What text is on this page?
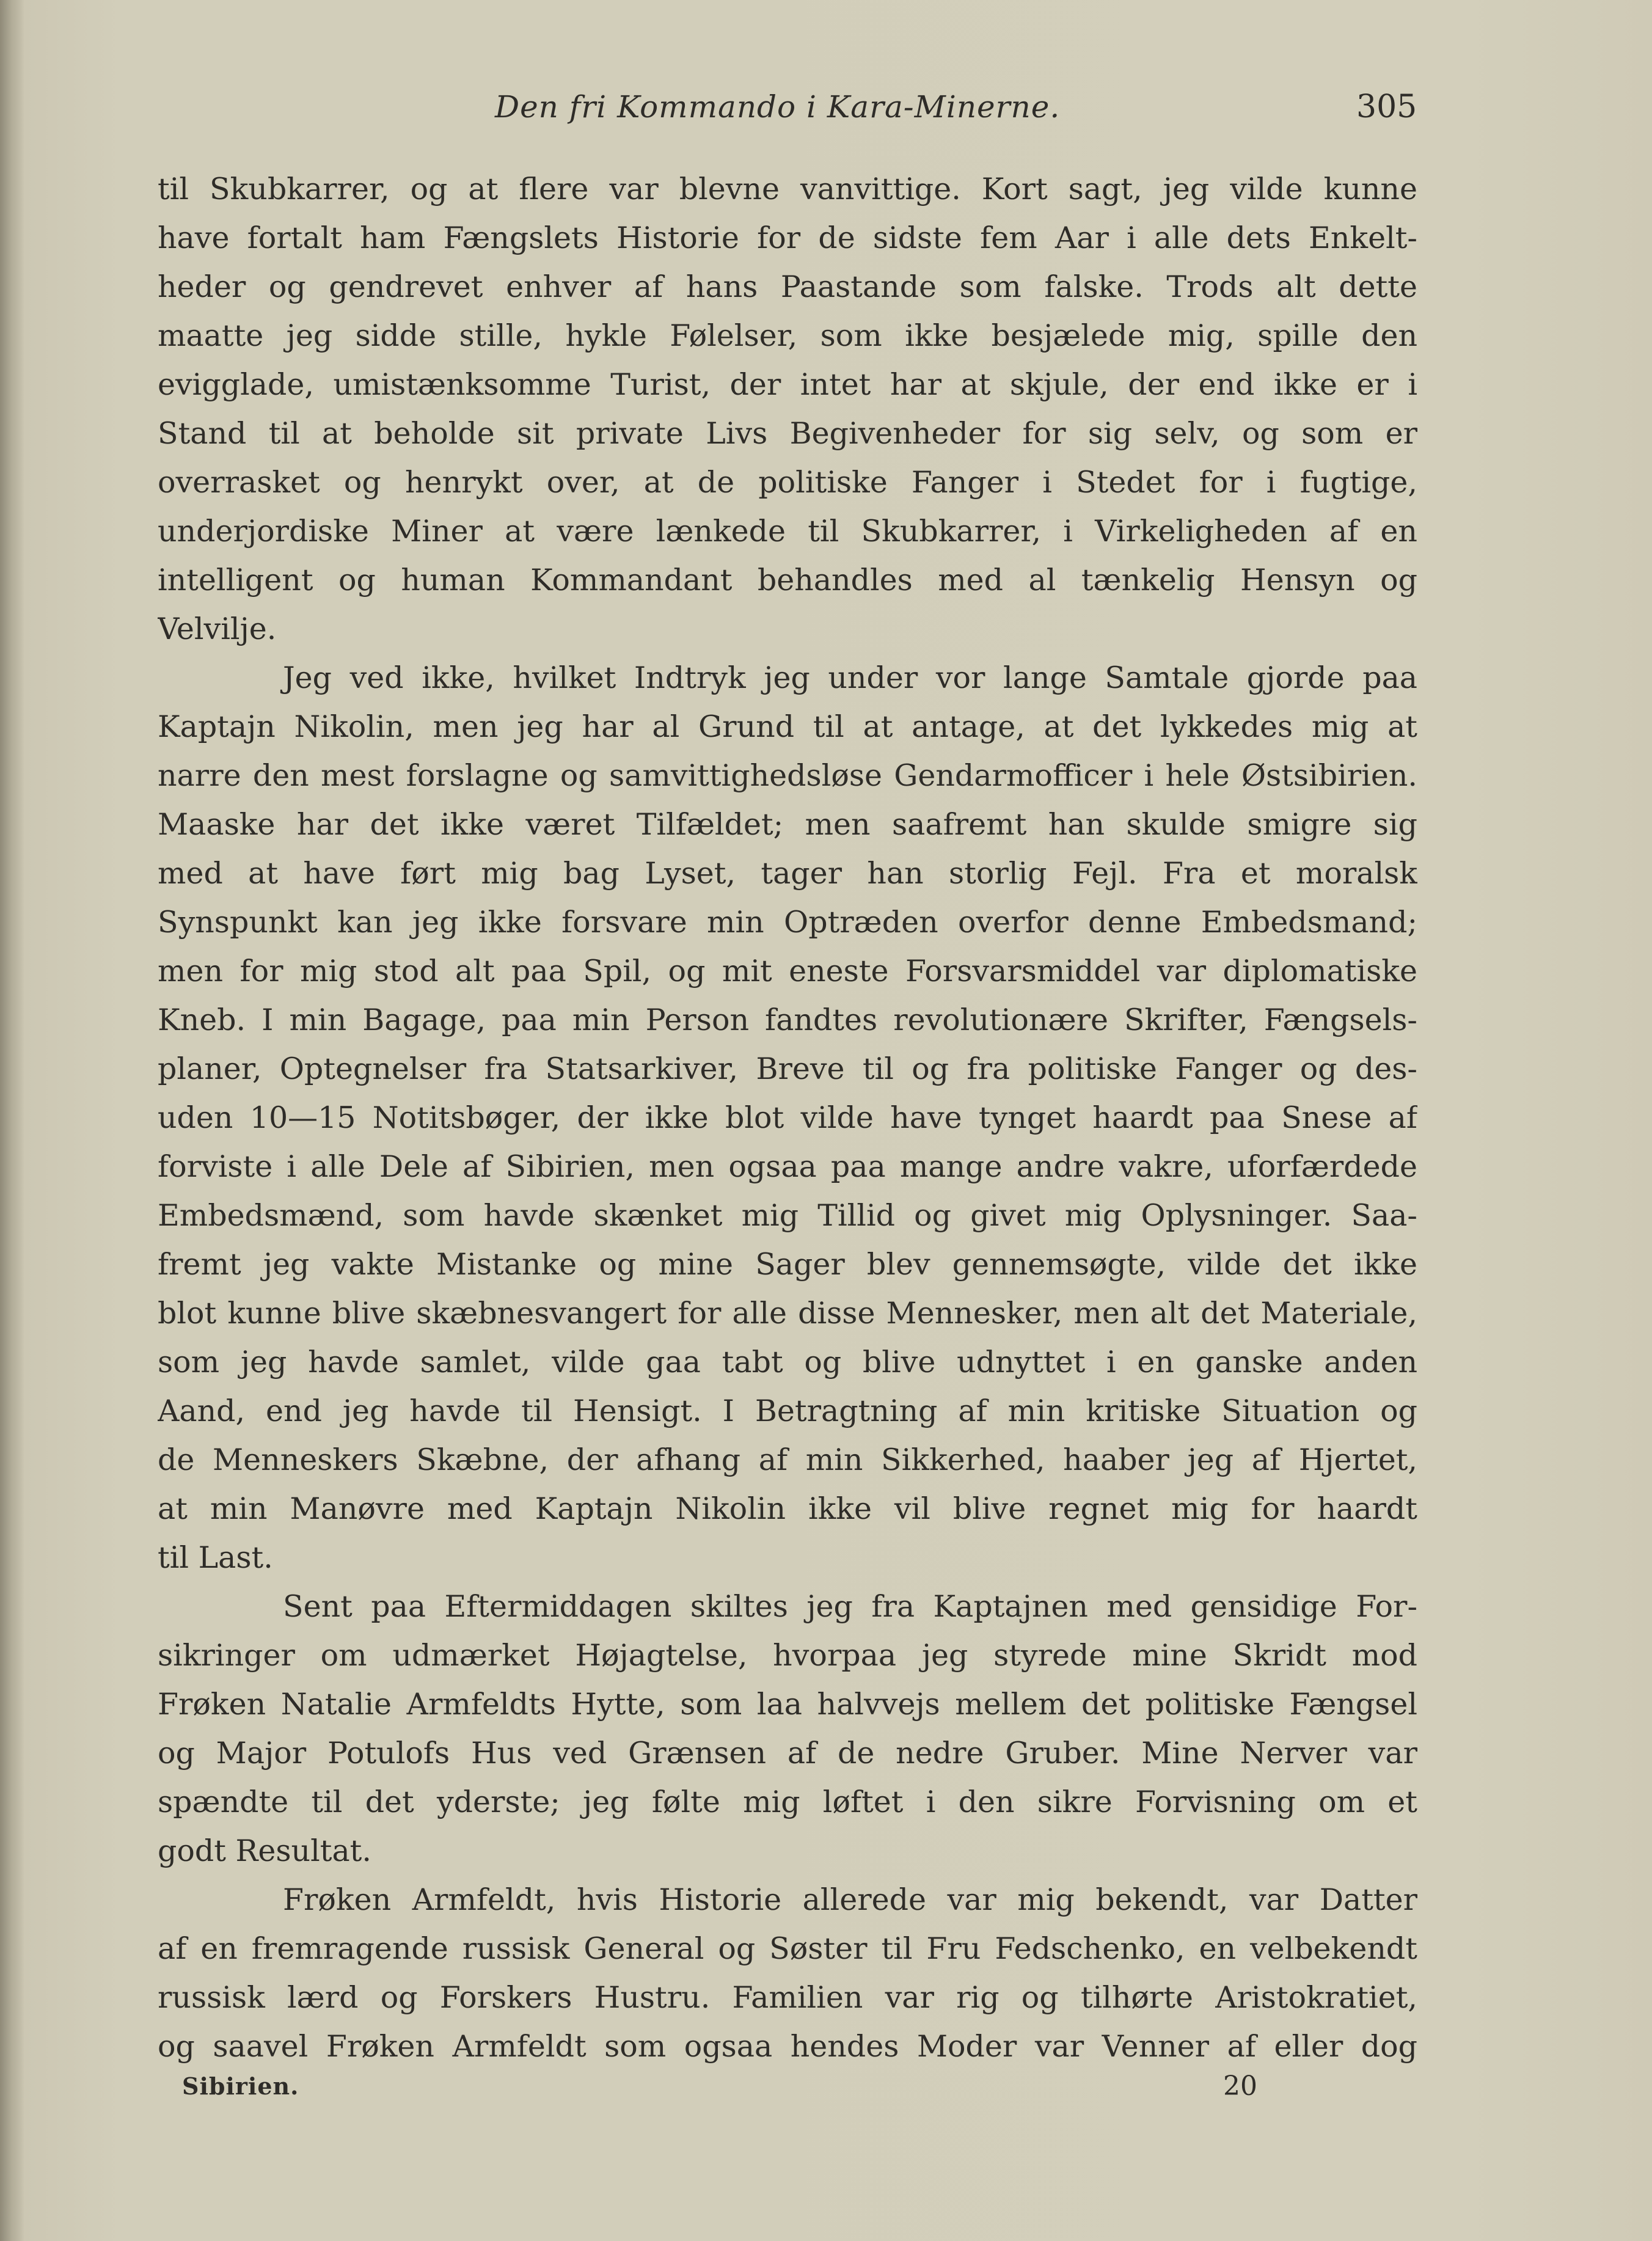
Den fri Kommando i Kara-Minerne.	305
til Skubkarrer, og at flere var blevne vanvittige. Kort sagt, jeg vilde kunne
have fortalt ham Fængslets Historie for de sidste fem Aar i alle dets Enkelt-
heder og gendrevet enhver af hans Paastande som falske. Trods alt dette
maatte jeg sidde stille, hykle Følelser, som ikke besjælede mig, spille den
evigglade, umistænksomme Turist, der intet har at skjule, der end ikke er i
Stand til at beholde sit private Livs Begivenheder for sig selv, og som er
overrasket og henrykt over, at de politiske Fanger i Stedet for i fugtige,
underjordiske Miner at være lænkede til Skubkarrer, i Virkeligheden af en
intelligent og human Kommandant behandles med al tænkelig Hensyn og
Velvilje.
Jeg ved ikke, hvilket Indtryk jeg under vor lange Samtale gjorde paa
Kaptajn Nikolin, men jeg har al Grund til at antage, at det lykkedes mig at
narre den mest forslagne og samvittighedsløse Gendarmofficer i hele Østsibirien.
Maaske har det ikke været Tilfældet; men saafremt han skulde smigre sig
med at have ført mig bag Lyset, tager han storlig Fejl. Fra et moralsk
Synspunkt kan jeg ikke forsvare min Optræden overfor denne Embedsmand;
men for mig stod alt paa Spil, og mit eneste Forsvarsmiddel var diplomatiske
Kneb. I min Bagage, paa min Person fandtes revolutionære Skrifter, Fængsels-
planer, Optegnelser fra Statsarkiver, Breve til og fra politiske Fanger og des-
uden 10—15 Notitsbøger, der ikke blot vilde have tynget haardt paa Snese af
forviste i alle Dele af Sibirien, men ogsaa paa mange andre vakre, uforfærdede
Embedsmænd, som havde skænket mig Tillid og givet mig Oplysninger. Saa-
fremt jeg vakte Mistanke og mine Sager blev gennemsøgte, vilde det ikke
blot kunne blive skæbnesvangert for alle disse Mennesker, men alt det Materiale,
som jeg havde samlet, vilde gaa tabt og blive udnyttet i en ganske anden
Aand, end jeg havde til Hensigt. I Betragtning af min kritiske Situation og
de Menneskers Skæbne, der afhang af min Sikkerhed, haaber jeg af Hjertet,
at min Manøvre med Kaptajn Nikolin ikke vil blive regnet mig for haardt
til Last.
Sent paa Eftermiddagen skiltes jeg fra Kaptajnen med gensidige For-
sikringer om udmærket Højagtelse, hvorpaa jeg styrede mine Skridt mod
Frøken Natalie Armfeldts Hytte, som laa halvvejs mellem det politiske Fængsel
og Major Potulofs Hus ved Grænsen af de nedre Gruber. Mine Nerver var
spændte til det yderste; jeg følte mig løftet i den sikre Forvisning om et
godt Resultat.
Frøken Armfeldt, hvis Historie allerede var mig bekendt, var Datter
af en fremragende russisk General og Søster til Fru Fedschenko, en velbekendt
russisk lærd og Forskers Hustru. Familien var rig og tilhørte Aristokratiet,
og saavel Frøken Armfeldt som ogsaa hendes Moder var Venner af eller dog
Sibirien.	20
